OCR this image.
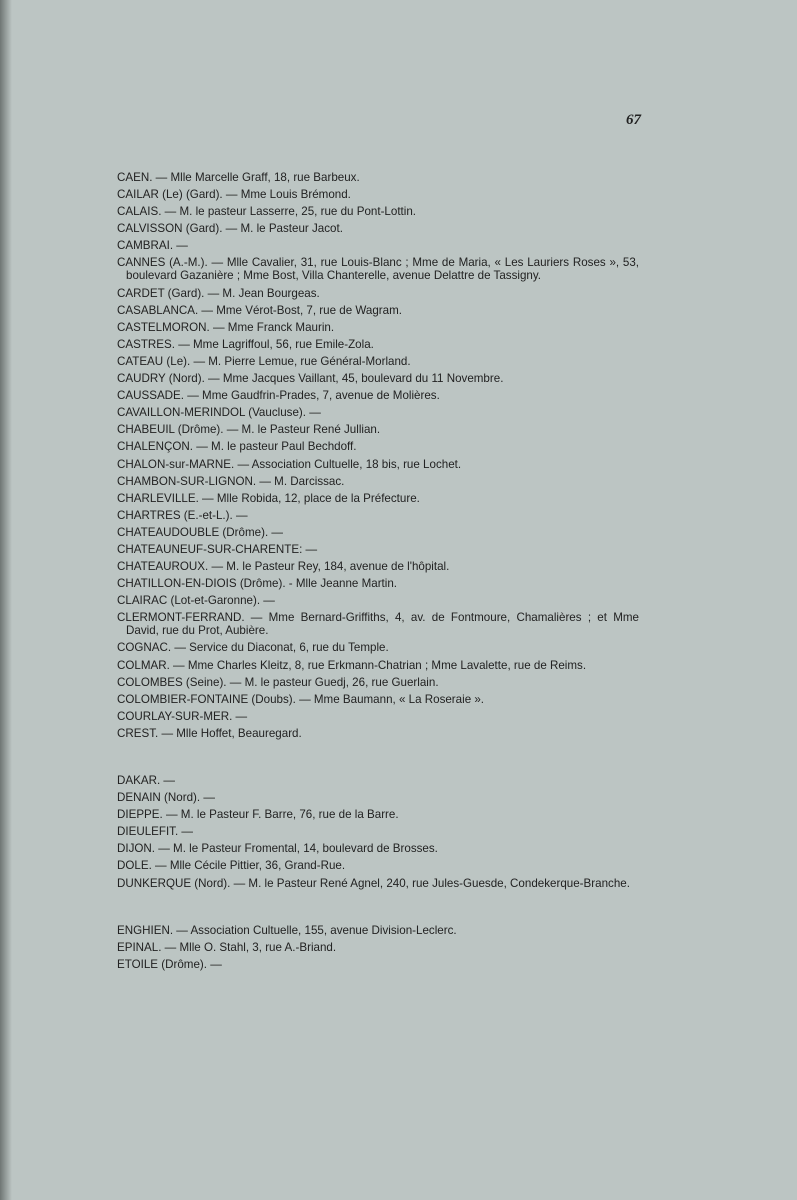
67

CAEN. — Mlle Marcelle Graff, 18, rue Barbeux.

CAILAR (Le) (Gard). — Mme Louis Brémond.

CALAIS. — M. le pasteur Lasserre, 25, rue du Pont-Lottin.

CALVISSON (Gard). — M. le Pasteur Jacot.

CAMBRAI. —

CANNES (A.-M.). — Mlle Cavalier, 31, rue Louis-Blanc ; Mme de Maria, « Les Lauriers Roses », 53, boulevard Gazanière ; Mme Bost, Villa Chanterelle, avenue Delattre de Tassigny.

CARDET (Gard). — M. Jean Bourgeas.

CASABLANCA. — Mme Vérot-Bost, 7, rue de Wagram.

CASTELMORON. — Mme Franck Maurin.

CASTRES. — Mme Lagriffoul, 56, rue Emile-Zola.

CATEAU (Le). — M. Pierre Lemue, rue Général-Morland.

CAUDRY (Nord). — Mme Jacques Vaillant, 45, boulevard du 11 Novembre.

CAUSSADE. — Mme Gaudfrin-Prades, 7, avenue de Molières.

CAVAILLON-MERINDOL (Vaucluse). —

CHABEUIL (Drôme). — M. le Pasteur René Jullian.

CHALENÇON. — M. le pasteur Paul Bechdoff.

CHALON-sur-MARNE. — Association Cultuelle, 18 bis, rue Lochet.

CHAMBON-SUR-LIGNON. — M. Darcissac.

CHARLEVILLE. — Mlle Robida, 12, place de la Préfecture.

CHARTRES (E.-et-L.). —

CHATEAUDOUBLE (Drôme). —

CHATEAUNEUF-SUR-CHARENTE: —

CHATEAUROUX. — M. le Pasteur Rey, 184, avenue de l'hôpital.

CHATILLON-EN-DIOIS (Drôme). - Mlle Jeanne Martin.

CLAIRAC (Lot-et-Garonne). —

CLERMONT-FERRAND. — Mme Bernard-Griffiths, 4, av. de Fontmoure, Chamalières ; et Mme David, rue du Prot, Aubière.

COGNAC. — Service du Diaconat, 6, rue du Temple.

COLMAR. — Mme Charles Kleitz, 8, rue Erkmann-Chatrian ; Mme Lavalette, rue de Reims.

COLOMBES (Seine). — M. le pasteur Guedj, 26, rue Guerlain.

COLOMBIER-FONTAINE (Doubs). — Mme Baumann, « La Roseraie ».

COURLAY-SUR-MER. —

CREST. — Mlle Hoffet, Beauregard.

DAKAR. —

DENAIN (Nord). —

DIEPPE. — M. le Pasteur F. Barre, 76, rue de la Barre.

DIEULEFIT. —

DIJON. — M. le Pasteur Fromental, 14, boulevard de Brosses.

DOLE. — Mlle Cécile Pittier, 36, Grand-Rue.

DUNKERQUE (Nord). — M. le Pasteur René Agnel, 240, rue Jules-Guesde, Condekerque-Branche.

ENGHIEN. — Association Cultuelle, 155, avenue Division-Leclerc.

EPINAL. — Mlle O. Stahl, 3, rue A.-Briand.

ETOILE (Drôme). —
